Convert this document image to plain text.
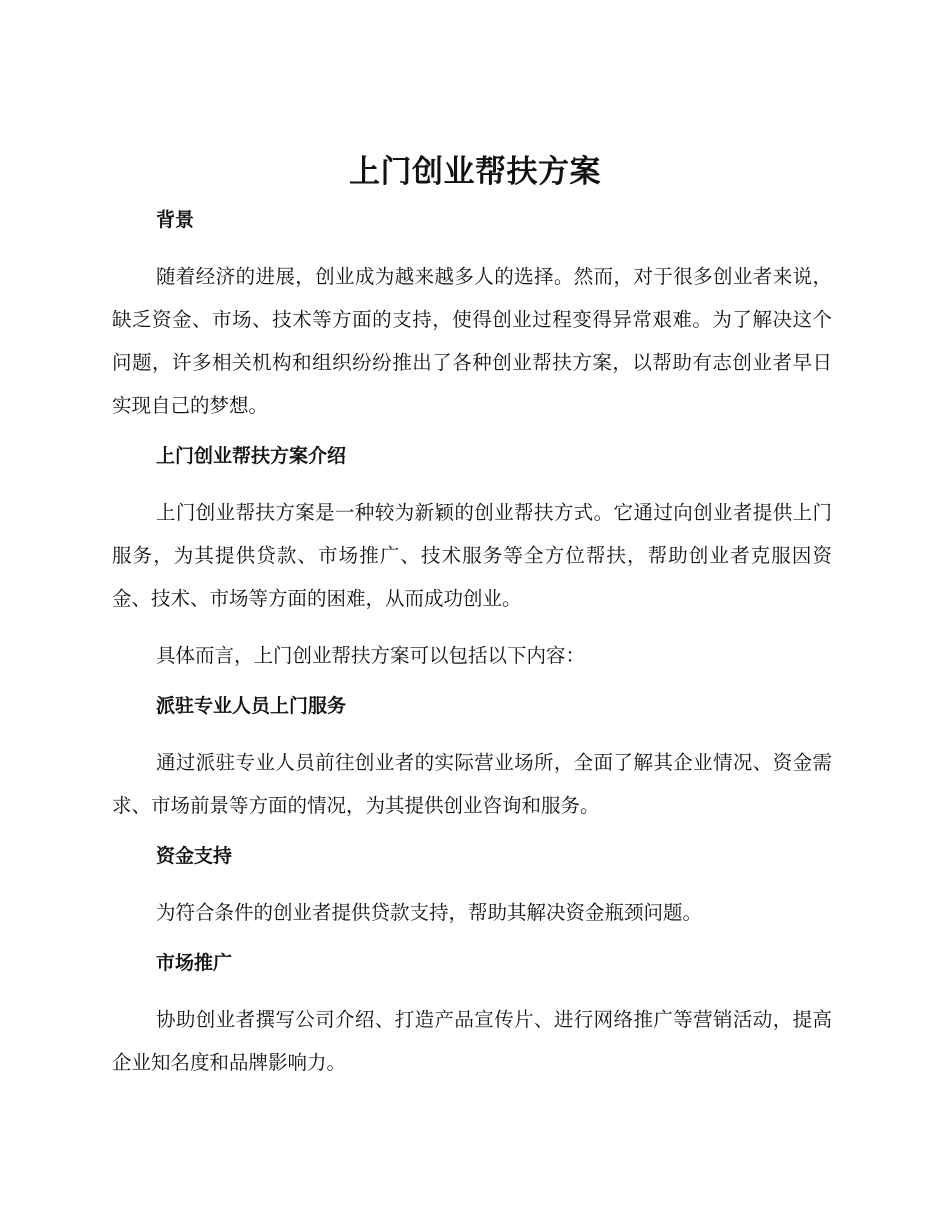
上门创业帮扶方案
背景

随着经济的进展，创业成为越来越多人的选择。然而，对于很多创业者来说，缺乏资金、市场、技术等方面的支持，使得创业过程变得异常艰难。为了解决这个问题，许多相关机构和组织纷纷推出了各种创业帮扶方案，以帮助有志创业者早日实现自己的梦想。

上门创业帮扶方案介绍

上门创业帮扶方案是一种较为新颖的创业帮扶方式。它通过向创业者提供上门服务，为其提供贷款、市场推广、技术服务等全方位帮扶，帮助创业者克服因资金、技术、市场等方面的困难，从而成功创业。

具体而言，上门创业帮扶方案可以包括以下内容：

派驻专业人员上门服务

通过派驻专业人员前往创业者的实际营业场所，全面了解其企业情况、资金需求、市场前景等方面的情况，为其提供创业咨询和服务。

资金支持

为符合条件的创业者提供贷款支持，帮助其解决资金瓶颈问题。

市场推广

协助创业者撰写公司介绍、打造产品宣传片、进行网络推广等营销活动，提高企业知名度和品牌影响力。
